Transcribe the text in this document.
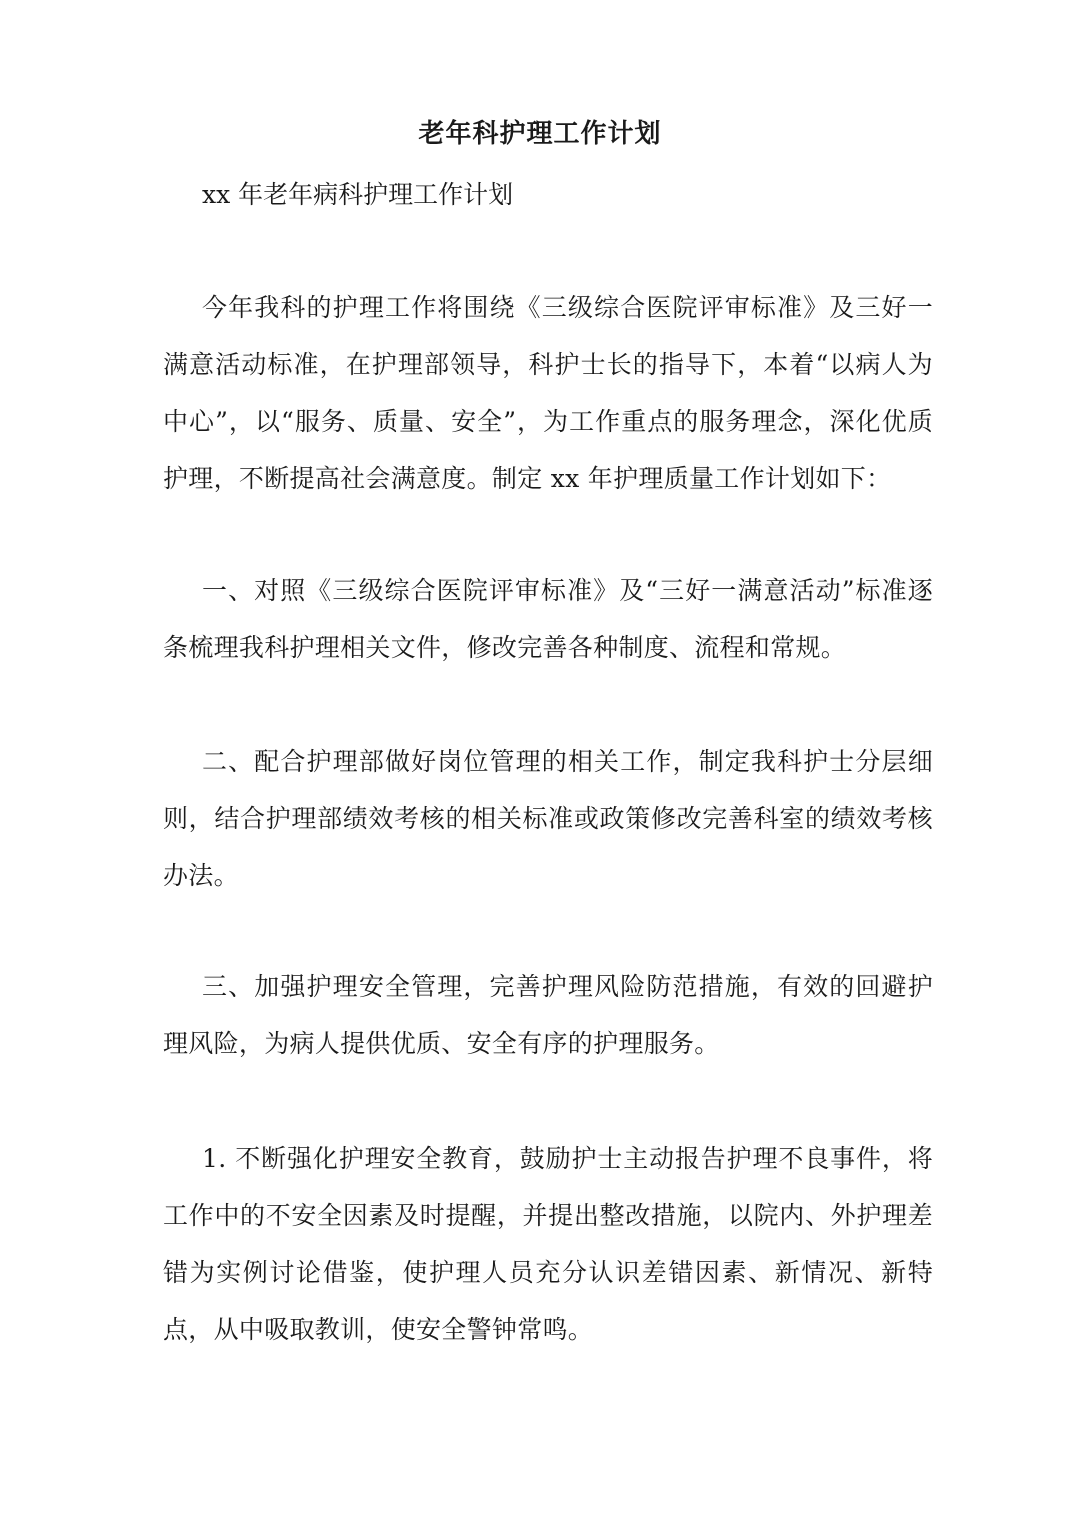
老年科护理工作计划
xx 年老年病科护理工作计划

今年我科的护理工作将围绕《三级综合医院评审标准》及三好一满意活动标准，在护理部领导，科护士长的指导下，本着“以病人为中心”，以“服务、质量、安全”，为工作重点的服务理念，深化优质护理，不断提高社会满意度。制定 xx 年护理质量工作计划如下：

一、对照《三级综合医院评审标准》及“三好一满意活动”标准逐条梳理我科护理相关文件，修改完善各种制度、流程和常规。

二、配合护理部做好岗位管理的相关工作，制定我科护士分层细则，结合护理部绩效考核的相关标准或政策修改完善科室的绩效考核办法。

三、加强护理安全管理，完善护理风险防范措施，有效的回避护理风险，为病人提供优质、安全有序的护理服务。

1. 不断强化护理安全教育，鼓励护士主动报告护理不良事件，将工作中的不安全因素及时提醒，并提出整改措施，以院内、外护理差错为实例讨论借鉴，使护理人员充分认识差错因素、新情况、新特点，从中吸取教训，使安全警钟常鸣。
